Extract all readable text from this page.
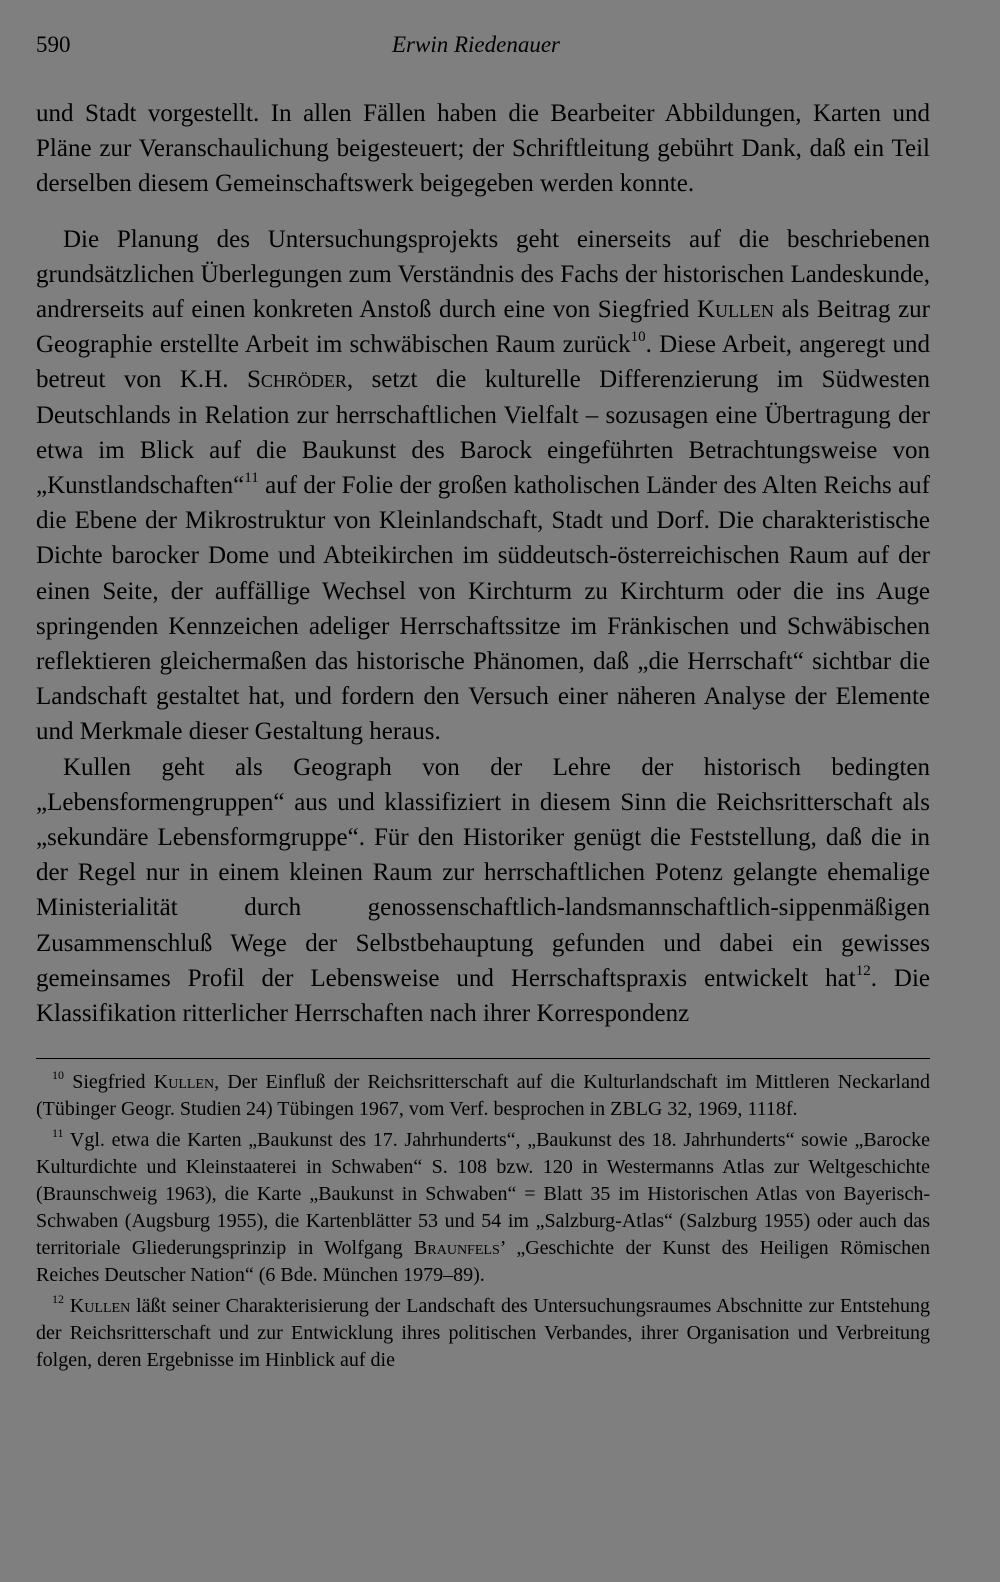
590	Erwin Riedenauer

und Stadt vorgestellt. In allen Fällen haben die Bearbeiter Abbildungen, Karten und Pläne zur Veranschaulichung beigesteuert; der Schriftleitung gebührt Dank, daß ein Teil derselben diesem Gemeinschaftswerk beigegeben werden konnte.

Die Planung des Untersuchungsprojekts geht einerseits auf die beschriebenen grundsätzlichen Überlegungen zum Verständnis des Fachs der historischen Landeskunde, andrerseits auf einen konkreten Anstoß durch eine von Siegfried Kullen als Beitrag zur Geographie erstellte Arbeit im schwäbischen Raum zurück$^{10}$. Diese Arbeit, angeregt und betreut von K.H. Schröder, setzt die kulturelle Differenzierung im Südwesten Deutschlands in Relation zur herrschaftlichen Vielfalt – sozusagen eine Übertragung der etwa im Blick auf die Baukunst des Barock eingeführten Betrachtungsweise von „Kunstlandschaften“$^{11}$ auf der Folie der großen katholischen Länder des Alten Reichs auf die Ebene der Mikrostruktur von Kleinlandschaft, Stadt und Dorf. Die charakteristische Dichte barocker Dome und Abteikirchen im süddeutsch-österreichischen Raum auf der einen Seite, der auffällige Wechsel von Kirchturm zu Kirchturm oder die ins Auge springenden Kennzeichen adeliger Herrschaftssitze im Fränkischen und Schwäbischen reflektieren gleichermaßen das historische Phänomen, daß „die Herrschaft“ sichtbar die Landschaft gestaltet hat, und fordern den Versuch einer näheren Analyse der Elemente und Merkmale dieser Gestaltung heraus.

Kullen geht als Geograph von der Lehre der historisch bedingten „Lebensformengruppen“ aus und klassifiziert in diesem Sinn die Reichsritterschaft als „sekundäre Lebensformgruppe“. Für den Historiker genügt die Feststellung, daß die in der Regel nur in einem kleinen Raum zur herrschaftlichen Potenz gelangte ehemalige Ministerialität durch genossenschaftlich-landsmannschaftlich-sippenmäßigen Zusammenschluß Wege der Selbstbehauptung gefunden und dabei ein gewisses gemeinsames Profil der Lebensweise und Herrschaftspraxis entwickelt hat$^{12}$. Die Klassifikation ritterlicher Herrschaften nach ihrer Korrespondenz

$^{10}$ Siegfried Kullen, Der Einfluß der Reichsritterschaft auf die Kulturlandschaft im Mittleren Neckarland (Tübinger Geogr. Studien 24) Tübingen 1967, vom Verf. besprochen in ZBLG 32, 1969, 1118f.

$^{11}$ Vgl. etwa die Karten „Baukunst des 17. Jahrhunderts“, „Baukunst des 18. Jahrhunderts“ sowie „Barocke Kulturdichte und Kleinstaaterei in Schwaben“ S. 108 bzw. 120 in Westermanns Atlas zur Weltgeschichte (Braunschweig 1963), die Karte „Baukunst in Schwaben“ = Blatt 35 im Historischen Atlas von Bayerisch-Schwaben (Augsburg 1955), die Kartenblätter 53 und 54 im „Salzburg-Atlas“ (Salzburg 1955) oder auch das territoriale Gliederungsprinzip in Wolfgang Braunfels’ „Geschichte der Kunst des Heiligen Römischen Reiches Deutscher Nation“ (6 Bde. München 1979–89).

$^{12}$ Kullen läßt seiner Charakterisierung der Landschaft des Untersuchungsraumes Abschnitte zur Entstehung der Reichsritterschaft und zur Entwicklung ihres politischen Verbandes, ihrer Organisation und Verbreitung folgen, deren Ergebnisse im Hinblick auf die
